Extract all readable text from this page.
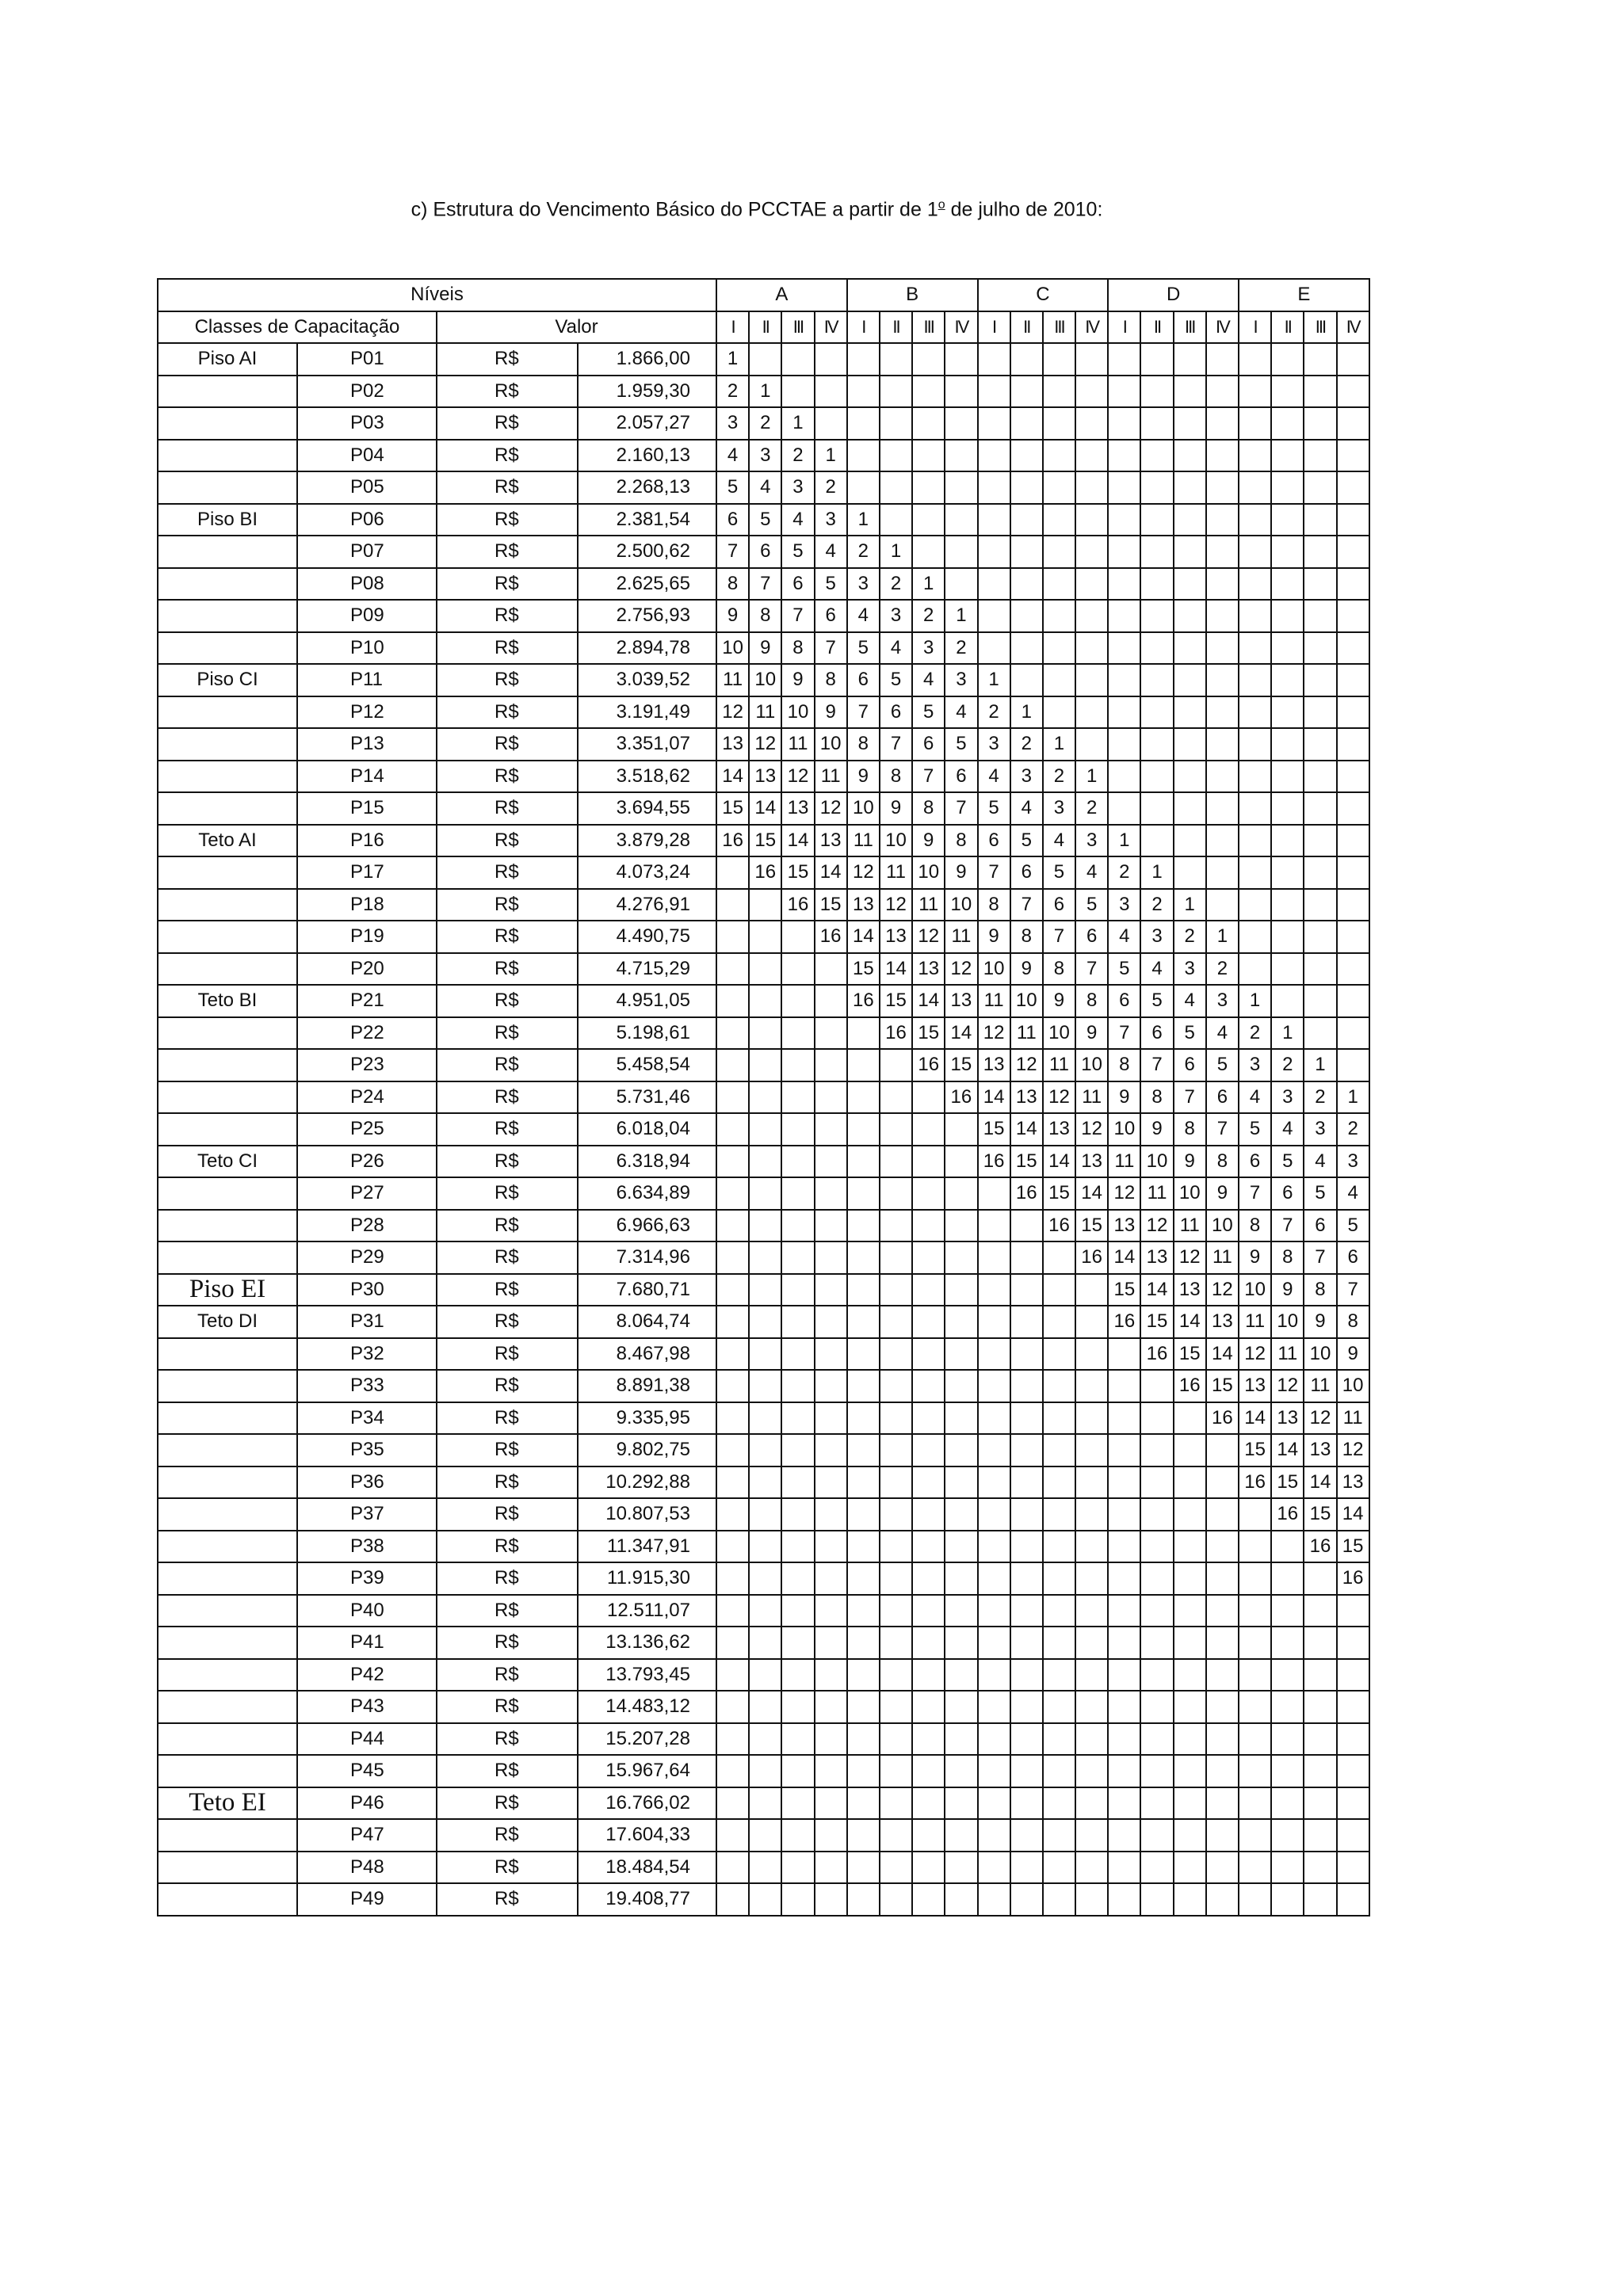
c) Estrutura do Vencimento Básico do PCCTAE a partir de 1$^o$ de julho de 2010:
Níveis				A				B				C				D				E			
Classes de Capacitação		Valor		I	II	III	IV	I	II	III	IV	I	II	III	IV	I	II	III	IV	I	II	III	IV
Piso AI	P01	R$	1.866,00	1																			
	P02	R$	1.959,30	2	1																		
	P03	R$	2.057,27	3	2	1																	
	P04	R$	2.160,13	4	3	2	1																
	P05	R$	2.268,13	5	4	3	2																
Piso BI	P06	R$	2.381,54	6	5	4	3	1															
	P07	R$	2.500,62	7	6	5	4	2	1														
	P08	R$	2.625,65	8	7	6	5	3	2	1													
	P09	R$	2.756,93	9	8	7	6	4	3	2	1												
	P10	R$	2.894,78	10	9	8	7	5	4	3	2												
Piso CI	P11	R$	3.039,52	11	10	9	8	6	5	4	3	1											
	P12	R$	3.191,49	12	11	10	9	7	6	5	4	2	1										
	P13	R$	3.351,07	13	12	11	10	8	7	6	5	3	2	1									
	P14	R$	3.518,62	14	13	12	11	9	8	7	6	4	3	2	1								
	P15	R$	3.694,55	15	14	13	12	10	9	8	7	5	4	3	2								
Teto AI	P16	R$	3.879,28	16	15	14	13	11	10	9	8	6	5	4	3	1							
	P17	R$	4.073,24		16	15	14	12	11	10	9	7	6	5	4	2	1						
	P18	R$	4.276,91			16	15	13	12	11	10	8	7	6	5	3	2	1					
	P19	R$	4.490,75				16	14	13	12	11	9	8	7	6	4	3	2	1				
	P20	R$	4.715,29					15	14	13	12	10	9	8	7	5	4	3	2				
Teto BI	P21	R$	4.951,05					16	15	14	13	11	10	9	8	6	5	4	3	1			
	P22	R$	5.198,61						16	15	14	12	11	10	9	7	6	5	4	2	1		
	P23	R$	5.458,54							16	15	13	12	11	10	8	7	6	5	3	2	1	
	P24	R$	5.731,46								16	14	13	12	11	9	8	7	6	4	3	2	1
	P25	R$	6.018,04									15	14	13	12	10	9	8	7	5	4	3	2
Teto CI	P26	R$	6.318,94									16	15	14	13	11	10	9	8	6	5	4	3
	P27	R$	6.634,89										16	15	14	12	11	10	9	7	6	5	4
	P28	R$	6.966,63											16	15	13	12	11	10	8	7	6	5
	P29	R$	7.314,96												16	14	13	12	11	9	8	7	6
Piso EI	P30	R$	7.680,71													15	14	13	12	10	9	8	7
Teto DI	P31	R$	8.064,74													16	15	14	13	11	10	9	8
	P32	R$	8.467,98														16	15	14	12	11	10	9
	P33	R$	8.891,38															16	15	13	12	11	10
	P34	R$	9.335,95																16	14	13	12	11
	P35	R$	9.802,75																	15	14	13	12
	P36	R$	10.292,88																	16	15	14	13
	P37	R$	10.807,53																		16	15	14
	P38	R$	11.347,91																			16	15
	P39	R$	11.915,30																				16
	P40	R$	12.511,07																				
	P41	R$	13.136,62																				
	P42	R$	13.793,45																				
	P43	R$	14.483,12																				
	P44	R$	15.207,28																				
	P45	R$	15.967,64																				
Teto EI	P46	R$	16.766,02																				
	P47	R$	17.604,33																				
	P48	R$	18.484,54																				
	P49	R$	19.408,77																				
